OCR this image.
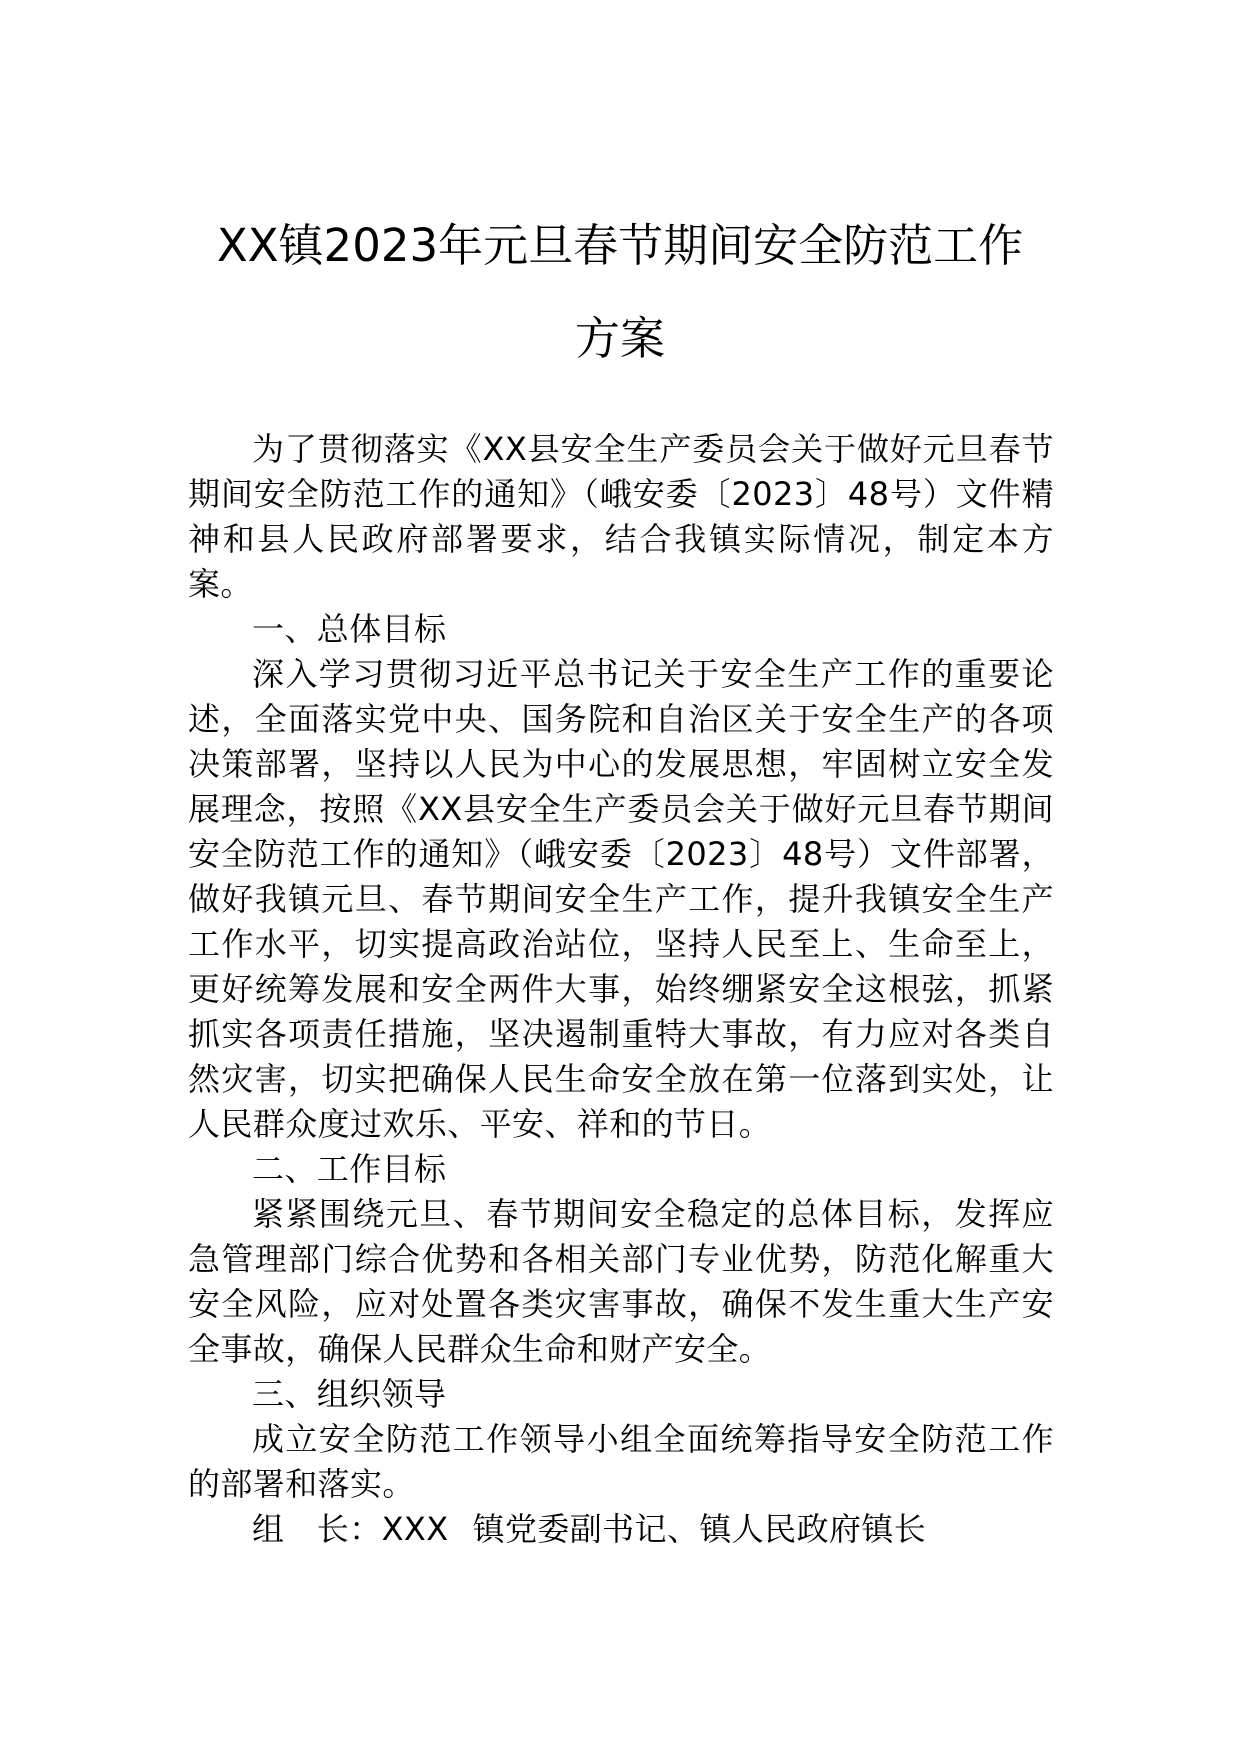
XX镇2023年元旦春节期间安全防范工作
方案

为了贯彻落实《XX县安全生产委员会关于做好元旦春节期间安全防范工作的通知》（峨安委〔2023〕48号）文件精神和县人民政府部署要求，结合我镇实际情况，制定本方案。

一、总体目标

深入学习贯彻习近平总书记关于安全生产工作的重要论述，全面落实党中央、国务院和自治区关于安全生产的各项决策部署，坚持以人民为中心的发展思想，牢固树立安全发展理念，按照《XX县安全生产委员会关于做好元旦春节期间安全防范工作的通知》（峨安委〔2023〕48号）文件部署，做好我镇元旦、春节期间安全生产工作，提升我镇安全生产工作水平，切实提高政治站位，坚持人民至上、生命至上，更好统筹发展和安全两件大事，始终绷紧安全这根弦，抓紧抓实各项责任措施，坚决遏制重特大事故，有力应对各类自然灾害，切实把确保人民生命安全放在第一位落到实处，让人民群众度过欢乐、平安、祥和的节日。

二、工作目标

紧紧围绕元旦、春节期间安全稳定的总体目标，发挥应急管理部门综合优势和各相关部门专业优势，防范化解重大安全风险，应对处置各类灾害事故，确保不发生重大生产安全事故，确保人民群众生命和财产安全。

三、组织领导

成立安全防范工作领导小组全面统筹指导安全防范工作的部署和落实。

组　长：XXX 镇党委副书记、镇人民政府镇长
